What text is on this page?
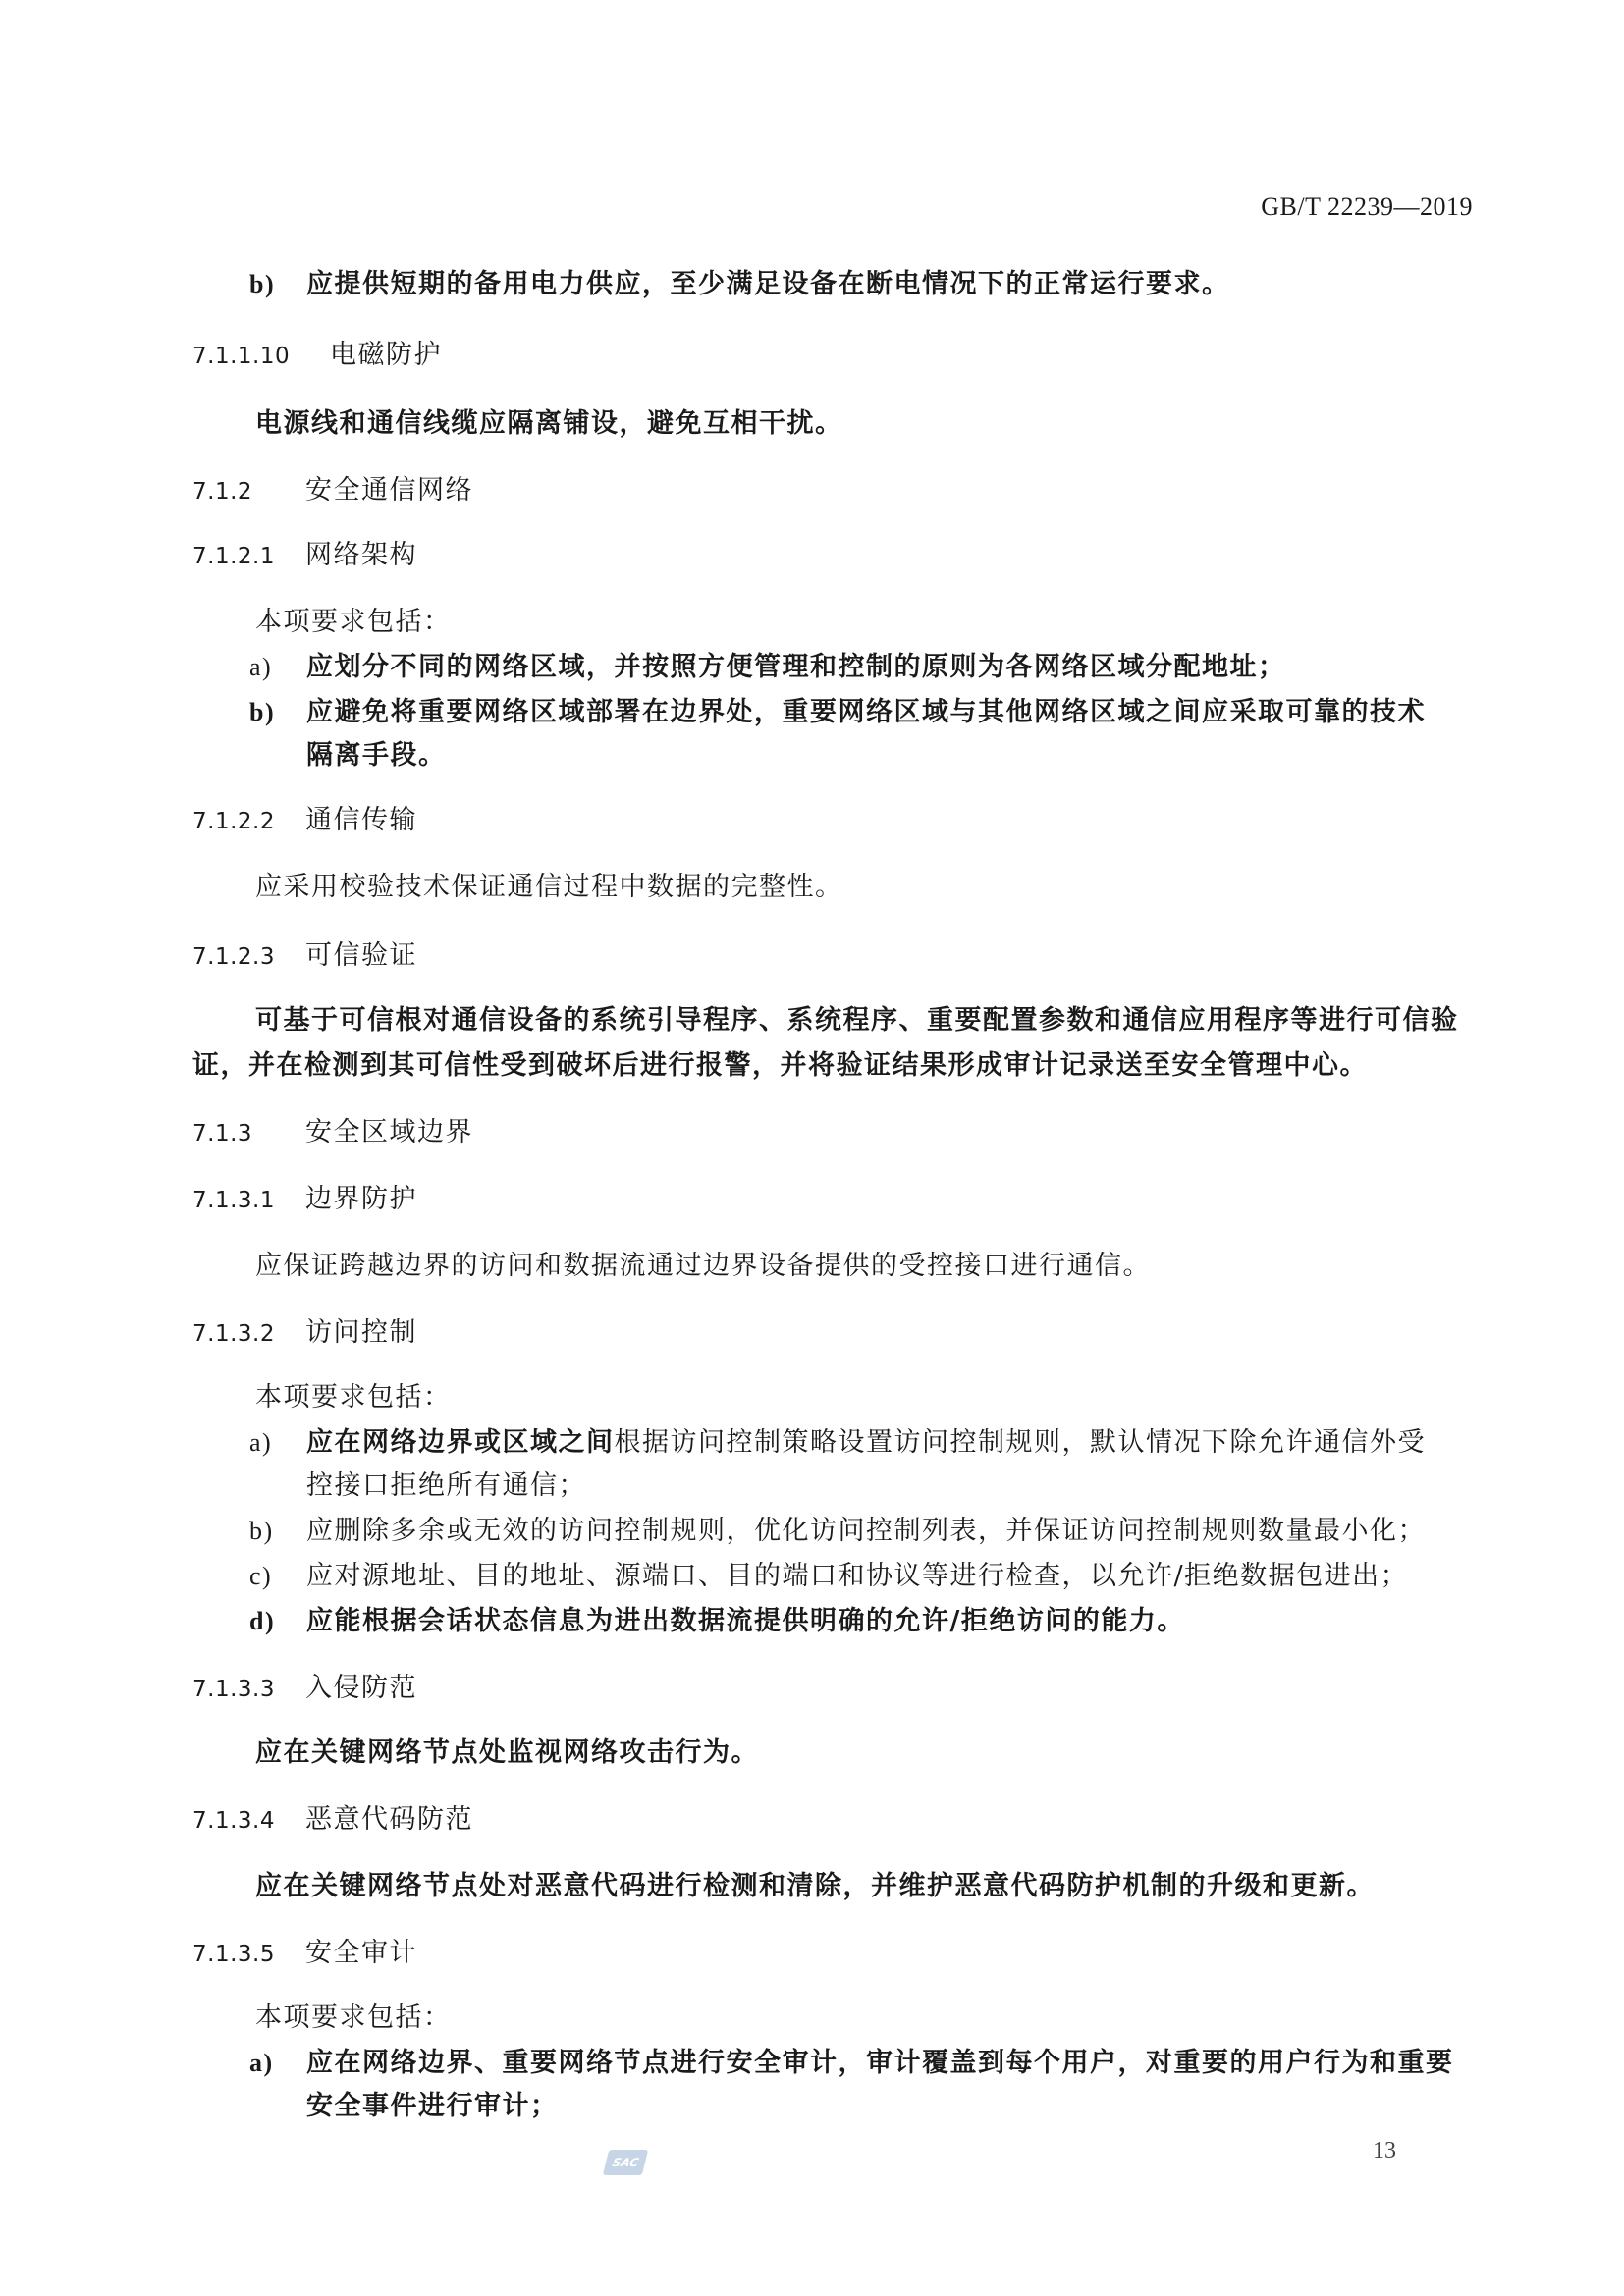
GB/T 22239—2019
b) 应提供短期的备用电力供应，至少满足设备在断电情况下的正常运行要求。
7.1.1.10 电磁防护
电源线和通信线缆应隔离铺设，避免互相干扰。
7.1.2 安全通信网络
7.1.2.1 网络架构
本项要求包括：
a) 应划分不同的网络区域，并按照方便管理和控制的原则为各网络区域分配地址；
b) 应避免将重要网络区域部署在边界处，重要网络区域与其他网络区域之间应采取可靠的技术
隔离手段。
7.1.2.2 通信传输
应采用校验技术保证通信过程中数据的完整性。
7.1.2.3 可信验证
可基于可信根对通信设备的系统引导程序、系统程序、重要配置参数和通信应用程序等进行可信验
证，并在检测到其可信性受到破坏后进行报警，并将验证结果形成审计记录送至安全管理中心。
7.1.3 安全区域边界
7.1.3.1 边界防护
应保证跨越边界的访问和数据流通过边界设备提供的受控接口进行通信。
7.1.3.2 访问控制
本项要求包括：
a) 应在网络边界或区域之间根据访问控制策略设置访问控制规则，默认情况下除允许通信外受
控接口拒绝所有通信；
b) 应删除多余或无效的访问控制规则，优化访问控制列表，并保证访问控制规则数量最小化；
c) 应对源地址、目的地址、源端口、目的端口和协议等进行检查，以允许/拒绝数据包进出；
d) 应能根据会话状态信息为进出数据流提供明确的允许/拒绝访问的能力。
7.1.3.3 入侵防范
应在关键网络节点处监视网络攻击行为。
7.1.3.4 恶意代码防范
应在关键网络节点处对恶意代码进行检测和清除，并维护恶意代码防护机制的升级和更新。
7.1.3.5 安全审计
本项要求包括：
a) 应在网络边界、重要网络节点进行安全审计，审计覆盖到每个用户，对重要的用户行为和重要
安全事件进行审计；
SAC	13
